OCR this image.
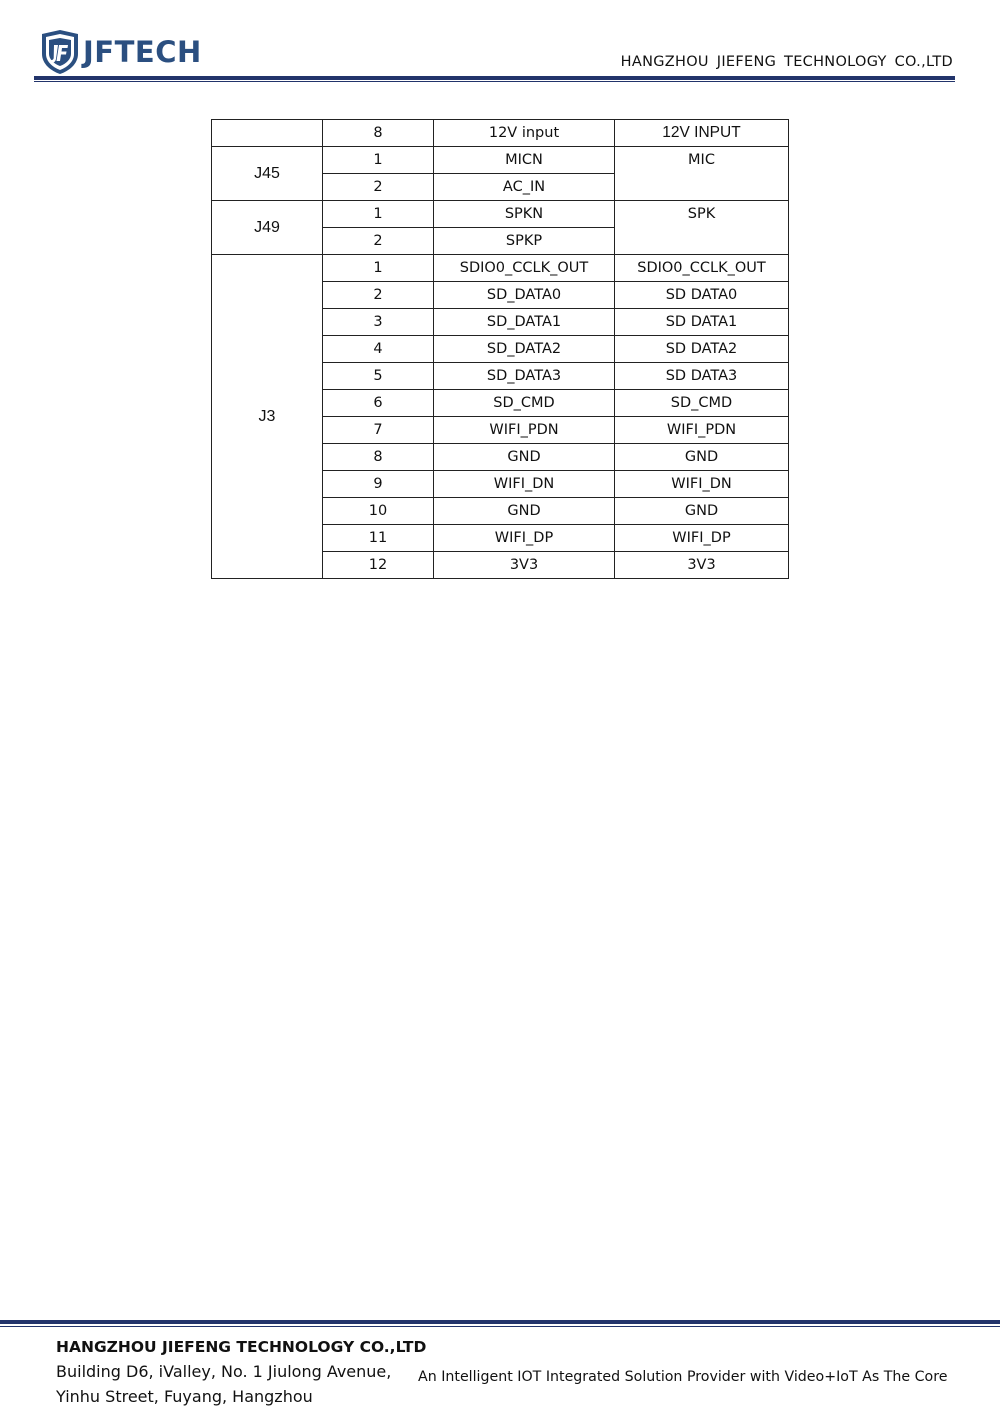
JFTECH	HANGZHOU JIEFENG TECHNOLOGY CO.,LTD
	8	12V input	12V INPUT
J45	1	MICN	MIC
	2	AC_IN	
J49	1	SPKN	SPK
	2	SPKP	
J3	1	SDIO0_CCLK_OUT	SDIO0_CCLK_OUT
	2	SD_DATA0	SD DATA0
	3	SD_DATA1	SD DATA1
	4	SD_DATA2	SD DATA2
	5	SD_DATA3	SD DATA3
	6	SD_CMD	SD_CMD
	7	WIFI_PDN	WIFI_PDN
	8	GND	GND
	9	WIFI_DN	WIFI_DN
	10	GND	GND
	11	WIFI_DP	WIFI_DP
	12	3V3	3V3
HANGZHOU JIEFENG TECHNOLOGY CO.,LTD
Building D6, iValley, No. 1 Jiulong Avenue,
Yinhu Street, Fuyang, Hangzhou
An Intelligent IOT Integrated Solution Provider with Video+IoT As The Core
